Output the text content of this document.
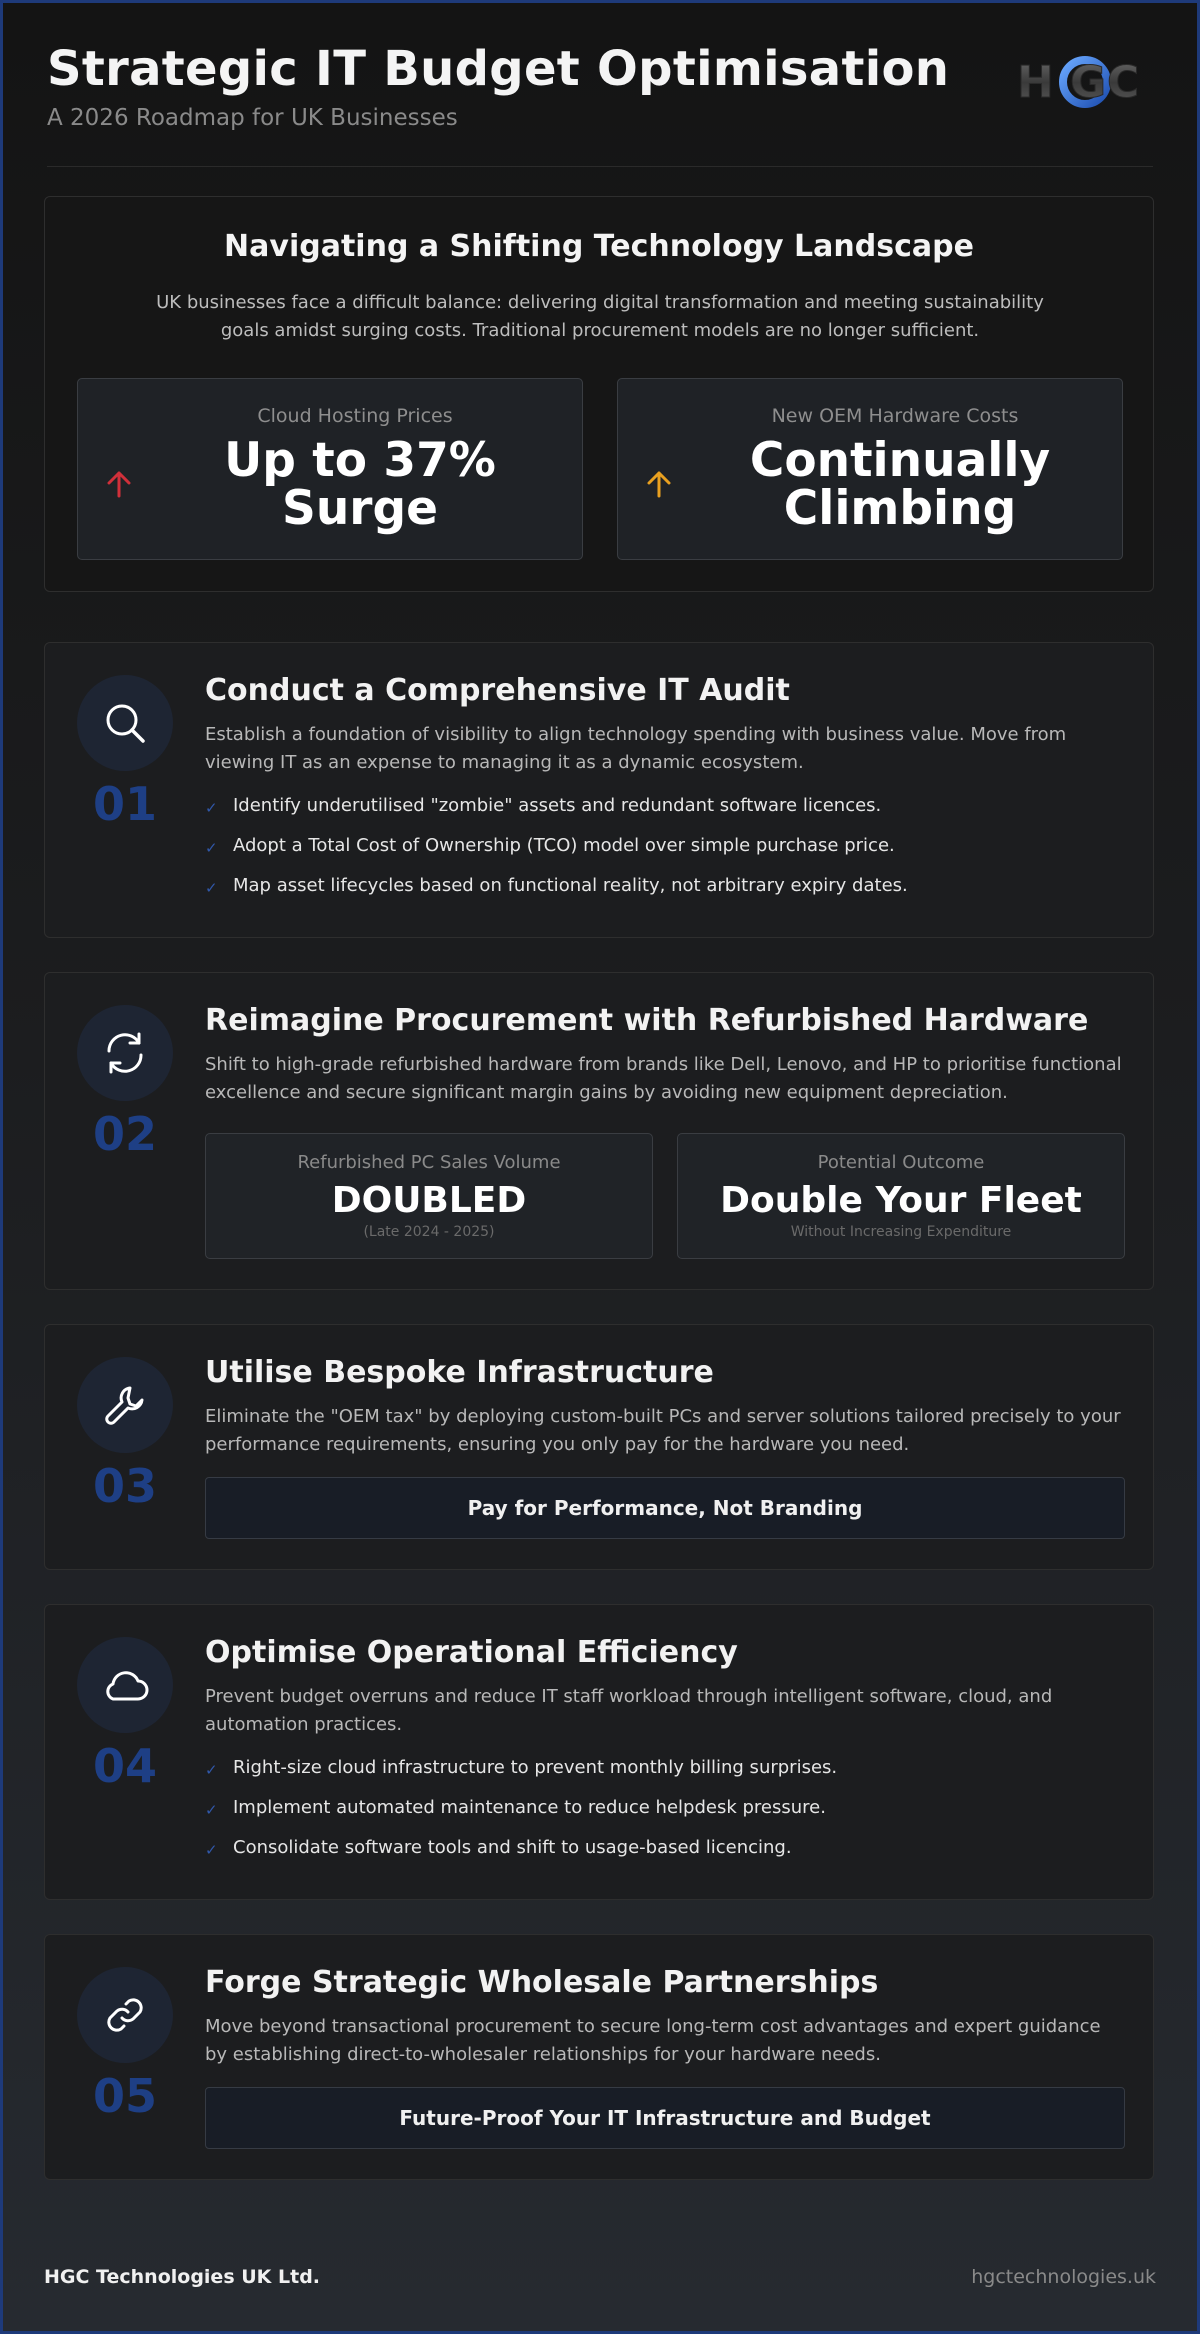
Strategic IT Budget Optimisation
A 2026 Roadmap for UK Businesses
H G C
Navigating a Shifting Technology Landscape

UK businesses face a difficult balance: delivering digital transformation and meeting sustainability goals amidst surging costs. Traditional procurement models are no longer sufficient.

Cloud Hosting Prices
Up to 37% Surge
New OEM Hardware Costs
Continually Climbing
01
Conduct a Comprehensive IT Audit
Establish a foundation of visibility to align technology spending with business value. Move from viewing IT as an expense to managing it as a dynamic ecosystem.
✓ Identify underutilised "zombie" assets and redundant software licences.
✓ Adopt a Total Cost of Ownership (TCO) model over simple purchase price.
✓ Map asset lifecycles based on functional reality, not arbitrary expiry dates.
02
Reimagine Procurement with Refurbished Hardware
Shift to high-grade refurbished hardware from brands like Dell, Lenovo, and HP to prioritise functional excellence and secure significant margin gains by avoiding new equipment depreciation.
Refurbished PC Sales Volume
DOUBLED
(Late 2024 - 2025)
Potential Outcome
Double Your Fleet
Without Increasing Expenditure
03
Utilise Bespoke Infrastructure
Eliminate the "OEM tax" by deploying custom-built PCs and server solutions tailored precisely to your performance requirements, ensuring you only pay for the hardware you need.
Pay for Performance, Not Branding
04
Optimise Operational Efficiency
Prevent budget overruns and reduce IT staff workload through intelligent software, cloud, and automation practices.
✓ Right-size cloud infrastructure to prevent monthly billing surprises.
✓ Implement automated maintenance to reduce helpdesk pressure.
✓ Consolidate software tools and shift to usage-based licencing.
05
Forge Strategic Wholesale Partnerships
Move beyond transactional procurement to secure long-term cost advantages and expert guidance by establishing direct-to-wholesaler relationships for your hardware needs.
Future-Proof Your IT Infrastructure and Budget
HGC Technologies UK Ltd.	hgctechnologies.uk
